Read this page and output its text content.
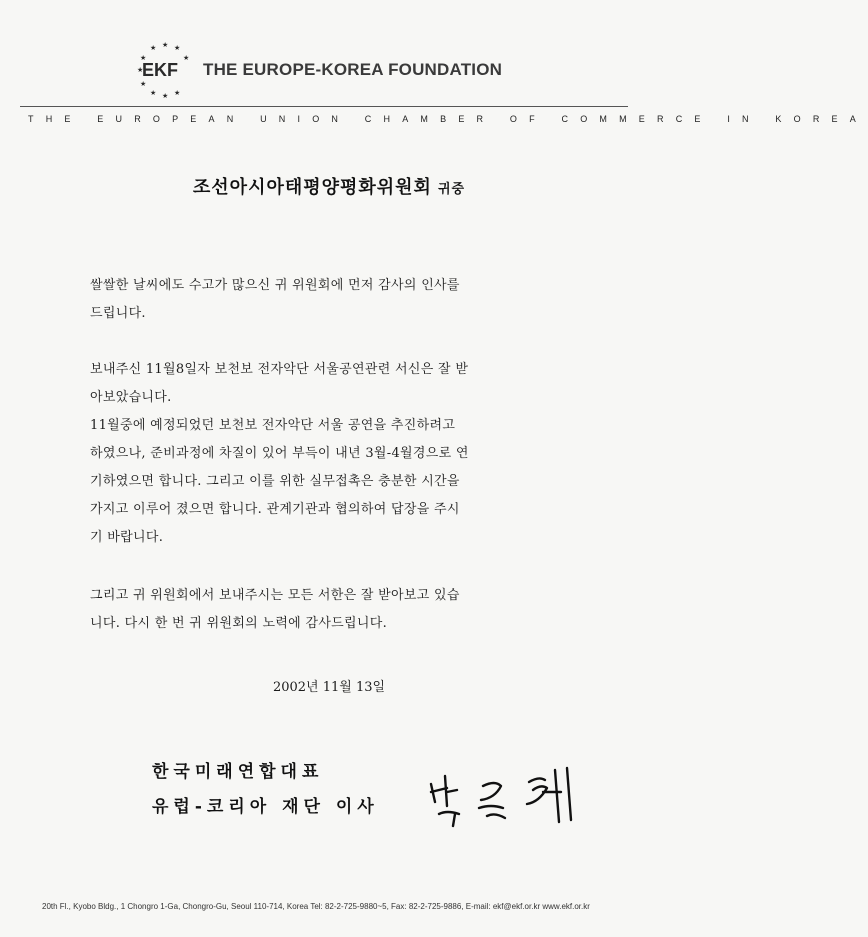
★ ★ ★
★	★
★
★
★ ★ ★
EKF THE EUROPE-KOREA FOUNDATION
THE EUROPEAN UNION CHAMBER OF COMMERCE IN KOREA
조선아시아태평양평화위원회 귀중
쌀쌀한 날씨에도 수고가 많으신 귀 위원회에 먼저 감사의 인사를
드립니다.
보내주신 11월8일자 보천보 전자악단 서울공연관련 서신은 잘 받
아보았습니다.
11월중에 예정되었던 보천보 전자악단 서울 공연을 추진하려고
하였으나, 준비과정에 차질이 있어 부득이 내년 3월-4월경으로 연
기하였으면 합니다. 그리고 이를 위한 실무접촉은 충분한 시간을
가지고 이루어 졌으면 합니다. 관계기관과 협의하여 답장을 주시
기 바랍니다.
그리고 귀 위원회에서 보내주시는 모든 서한은 잘 받아보고 있습
니다. 다시 한 번 귀 위원회의 노력에 감사드립니다.
2002년 11월 13일
한국미래연합대표
유럽-코리아 재단 이사
20th Fl., Kyobo Bldg., 1 Chongro 1-Ga, Chongro-Gu, Seoul 110-714, Korea Tel: 82-2-725-9880~5, Fax: 82-2-725-9886, E-mail: ekf@ekf.or.kr www.ekf.or.kr
